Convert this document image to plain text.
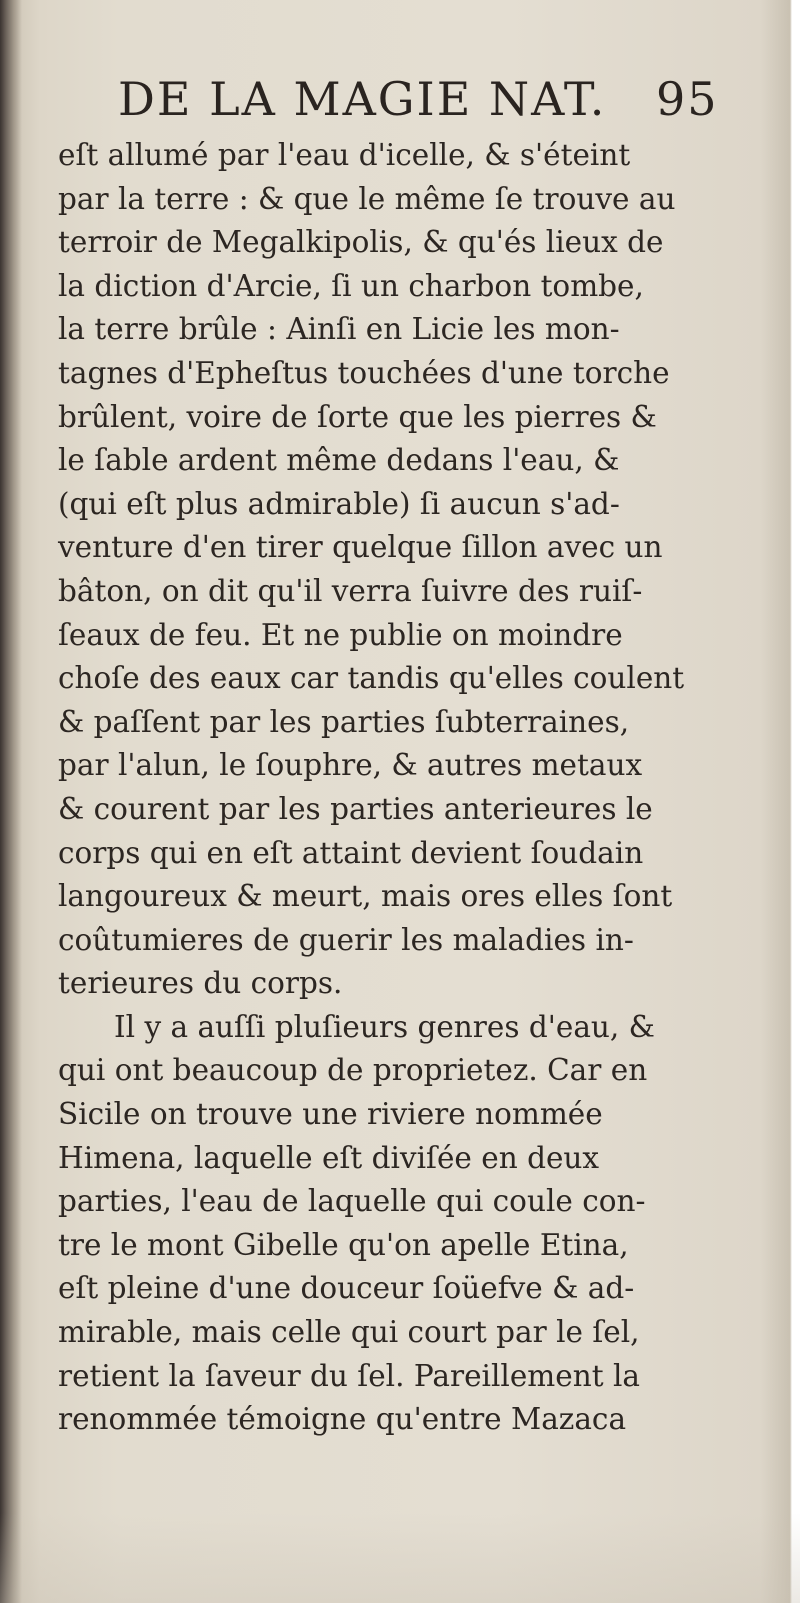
DE LA MAGIE NAT. 95
eſt allumé par l'eau d'icelle, & s'éteint
par la terre : & que le même ſe trouve au
terroir de Megalkipolis, & qu'és lieux de
la diction d'Arcie, ſi un charbon tombe,
la terre brûle : Ainſi en Licie les mon-
tagnes d'Epheſtus touchées d'une torche
brûlent, voire de ſorte que les pierres &
le ſable ardent même dedans l'eau, &
(qui eſt plus admirable) ſi aucun s'ad-
venture d'en tirer quelque ſillon avec un
bâton, on dit qu'il verra ſuivre des ruiſ-
ſeaux de feu. Et ne publie on moindre
choſe des eaux car tandis qu'elles coulent
& paſſent par les parties ſubterraines,
par l'alun, le ſouphre, & autres metaux
& courent par les parties anterieures le
corps qui en eſt attaint devient ſoudain
langoureux & meurt, mais ores elles ſont
coûtumieres de guerir les maladies in-
terieures du corps.
Il y a auſſi pluſieurs genres d'eau, &
qui ont beaucoup de proprietez. Car en
Sicile on trouve une riviere nommée
Himena, laquelle eſt diviſée en deux
parties, l'eau de laquelle qui coule con-
tre le mont Gibelle qu'on apelle Etina,
eſt pleine d'une douceur ſoüefve & ad-
mirable, mais celle qui court par le ſel,
retient la ſaveur du ſel. Pareillement la
renommée témoigne qu'entre Mazaca
